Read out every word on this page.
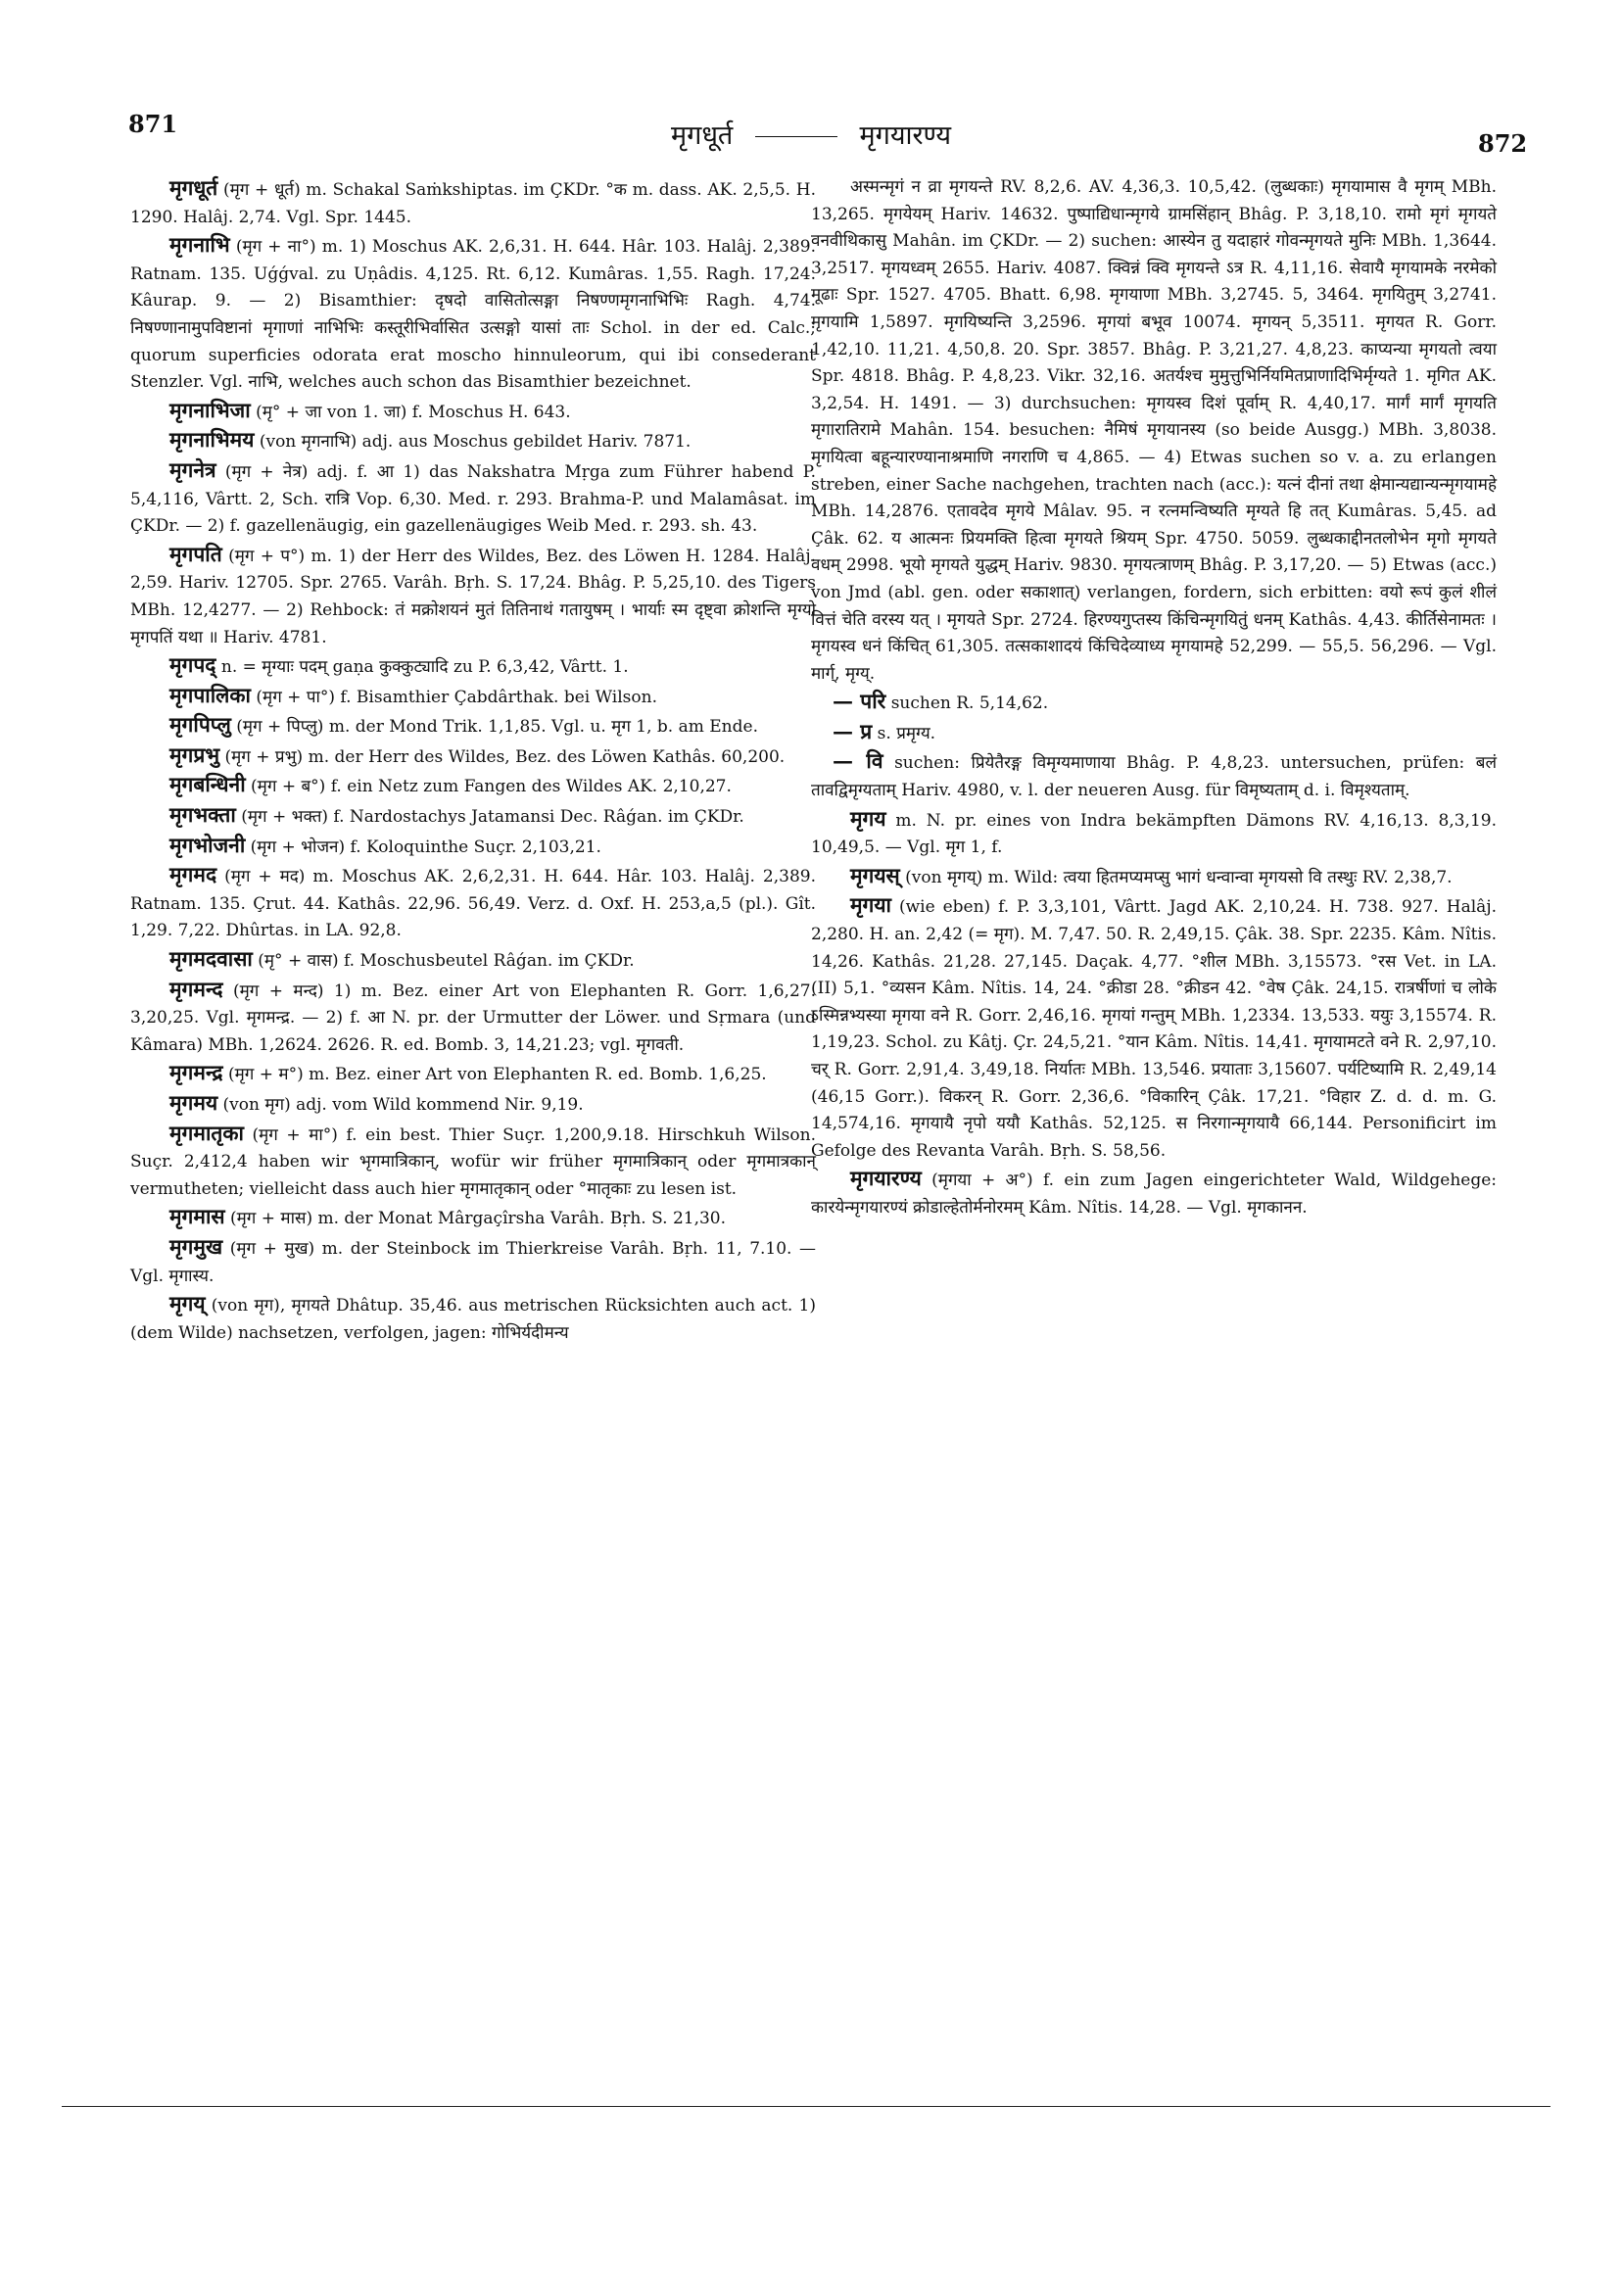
871	मृगधूर्त	मृगयारण्य	872

मृगधूर्त (मृग + धूर्त) m. Schakal Saṁkshiptas. im ÇKDr. °क m. dass. AK. 2,5,5. H. 1290. Halâj. 2,74. Vgl. Spr. 1445.

मृगनाभि (मृग + ना°) m. 1) Moschus AK. 2,6,31. H. 644. Hâr. 103. Halâj. 2,389. Ratnam. 135. Uǵǵval. zu Uṇâdis. 4,125. Rt. 6,12. Kumâras. 1,55. Ragh. 17,24. Kâurap. 9. — 2) Bisamthier: दृषदो वासितोत्सङ्गा निषण्णमृगनाभिभिः Ragh. 4,74. निषण्णानामुपविष्टानां मृगाणां नाभिभिः कस्तूरीभिर्वासित उत्सङ्गो यासां ताः Schol. in der ed. Calc.; quorum superficies odorata erat moscho hinnuleorum, qui ibi consederant Stenzler. Vgl. नाभि, welches auch schon das Bisamthier bezeichnet.

मृगनाभिजा (मृ° + जा von 1. जा) f. Moschus H. 643.

मृगनाभिमय (von मृगनाभि) adj. aus Moschus gebildet Hariv. 7871.

मृगनेत्र (मृग + नेत्र) adj. f. आ 1) das Nakshatra Mṛga zum Führer habend P. 5,4,116, Vârtt. 2, Sch. रात्रि Vop. 6,30. Med. r. 293. Brahma-P. und Malamâsat. im ÇKDr. — 2) f. gazellenäugig, ein gazellenäugiges Weib Med. r. 293. sh. 43.

मृगपति (मृग + प°) m. 1) der Herr des Wildes, Bez. des Löwen H. 1284. Halâj. 2,59. Hariv. 12705. Spr. 2765. Varâh. Bṛh. S. 17,24. Bhâg. P. 5,25,10. des Tigers MBh. 12,4277. — 2) Rehbock: तं मक्रोशयनं मुतं तितिनाथं गतायुषम् । भार्याः स्म दृष्ट्वा क्रोशन्ति मृग्यो मृगपतिं यथा ॥ Hariv. 4781.

मृगपद् n. = मृग्याः पदम् gaṇa कुक्कुट्यादि zu P. 6,3,42, Vârtt. 1.

मृगपालिका (मृग + पा°) f. Bisamthier Çabdârthak. bei Wilson.

मृगपिप्लु (मृग + पिप्लु) m. der Mond Trik. 1,1,85. Vgl. u. मृग 1, b. am Ende.

मृगप्रभु (मृग + प्रभु) m. der Herr des Wildes, Bez. des Löwen Kathâs. 60,200.

मृगबन्धिनी (मृग + ब°) f. ein Netz zum Fangen des Wildes AK. 2,10,27.

मृगभक्ता (मृग + भक्त) f. Nardostachys Jatamansi Dec. Râǵan. im ÇKDr.

मृगभोजनी (मृग + भोजन) f. Koloquinthe Suçr. 2,103,21.

मृगमद (मृग + मद) m. Moschus AK. 2,6,2,31. H. 644. Hâr. 103. Halâj. 2,389. Ratnam. 135. Çrut. 44. Kathâs. 22,96. 56,49. Verz. d. Oxf. H. 253,a,5 (pl.). Gît. 1,29. 7,22. Dhûrtas. in LA. 92,8.

मृगमदवासा (मृ° + वास) f. Moschusbeutel Râǵan. im ÇKDr.

मृगमन्द (मृग + मन्द) 1) m. Bez. einer Art von Elephanten R. Gorr. 1,6,27. 3,20,25. Vgl. मृगमन्द्र. — 2) f. आ N. pr. der Urmutter der Löwer. und Sṛmara (und Kâmara) MBh. 1,2624. 2626. R. ed. Bomb. 3, 14,21.23; vgl. मृगवती.

मृगमन्द्र (मृग + म°) m. Bez. einer Art von Elephanten R. ed. Bomb. 1,6,25.

मृगमय (von मृग) adj. vom Wild kommend Nir. 9,19.

मृगमातृका (मृग + मा°) f. ein best. Thier Suçr. 1,200,9.18. Hirschkuh Wilson. Suçr. 2,412,4 haben wir भृगमात्रिकान्, wofür wir früher मृगमात्रिकान् oder मृगमात्रकान् vermutheten; vielleicht dass auch hier मृगमातृकान् oder °मातृकाः zu lesen ist.

मृगमास (मृग + मास) m. der Monat Mârgaçîrsha Varâh. Bṛh. S. 21,30.

मृगमुख (मृग + मुख) m. der Steinbock im Thierkreise Varâh. Bṛh. 11, 7.10. — Vgl. मृगास्य.

मृगय् (von मृग), मृगयते Dhâtup. 35,46. aus metrischen Rücksichten auch act. 1) (dem Wilde) nachsetzen, verfolgen, jagen: गोभिर्यदीमन्य

अस्मन्मृगं न व्रा मृगयन्ते RV. 8,2,6. AV. 4,36,3. 10,5,42. (लुब्धकाः) मृगयामास वै मृगम् MBh. 13,265. मृगयेयम् Hariv. 14632. पुष्पाद्यिधान्मृगये ग्रामसिंहान् Bhâg. P. 3,18,10. रामो मृगं मृगयते वनवीथिकासु Mahân. im ÇKDr. — 2) suchen: आस्येन तु यदाहारं गोवन्मृगयते मुनिः MBh. 1,3644. 3,2517. मृगयध्वम् 2655. Hariv. 4087. क्विन्नं क्वि मृगयन्ते ऽत्र R. 4,11,16. सेवायै मृगयामके नरमेको मूढाः Spr. 1527. 4705. Bhatt. 6,98. मृगयाणा MBh. 3,2745. 5, 3464. मृगयितुम् 3,2741. मृगयामि 1,5897. मृगयिष्यन्ति 3,2596. मृगयां बभूव 10074. मृगयन् 5,3511. मृगयत R. Gorr. 1,42,10. 11,21. 4,50,8. 20. Spr. 3857. Bhâg. P. 3,21,27. 4,8,23. काप्यन्या मृगयतो त्वया Spr. 4818. Bhâg. P. 4,8,23. Vikr. 32,16. अतर्यश्च मुमुत्तुभिर्नियमितप्राणादिभिर्मृग्यते 1. मृगित AK. 3,2,54. H. 1491. — 3) durchsuchen: मृगयस्व दिशं पूर्वाम् R. 4,40,17. मार्गं मार्गं मृगयति मृगारातिरामे Mahân. 154. besuchen: नैमिषं मृगयानस्य (so beide Ausgg.) MBh. 3,8038. मृगयित्वा बहून्यारण्यानाश्रमाणि नगराणि च 4,865. — 4) Etwas suchen so v. a. zu erlangen streben, einer Sache nachgehen, trachten nach (acc.): यत्नं दीनां तथा क्षेमान्यद्यान्यन्मृगयामहे MBh. 14,2876. एतावदेव मृगये Mâlav. 95. न रत्नमन्विष्यति मृग्यते हि तत् Kumâras. 5,45. ad Çâk. 62. य आत्मनः प्रियमक्ति हित्वा मृगयते श्रियम् Spr. 4750. 5059. लुब्धकाद्दीनतलोभेन मृगो मृगयते वधम् 2998. भूयो मृगयते युद्धम् Hariv. 9830. मृगयत्त्राणम् Bhâg. P. 3,17,20. — 5) Etwas (acc.) von Jmd (abl. gen. oder सकाशात्) verlangen, fordern, sich erbitten: वयो रूपं कुलं शीलं वित्तं चेति वरस्य यत् । मृगयते Spr. 2724. हिरण्यगुप्तस्य किंचिन्मृगयितुं धनम् Kathâs. 4,43. कीर्तिसेनामतः । मृगयस्व धनं किंचित् 61,305. तत्सकाशादयं किंचिदेव्याध्य मृगयामहे 52,299. — 55,5. 56,296. — Vgl. मार्ग्, मृग्य्.

— परि suchen R. 5,14,62.

— प्र s. प्रमृग्य.

— वि suchen: प्रियेतैरङ्ग विमृग्यमाणाया Bhâg. P. 4,8,23. untersuchen, prüfen: बलं तावद्विमृग्यताम् Hariv. 4980, v. l. der neueren Ausg. für विमृष्यताम् d. i. विमृश्यताम्.

मृगय m. N. pr. eines von Indra bekämpften Dämons RV. 4,16,13. 8,3,19. 10,49,5. — Vgl. मृग 1, f.

मृगयस् (von मृगय्) m. Wild: त्वया हितमप्यमप्सु भागं धन्वान्वा मृगयसो वि तस्थुः RV. 2,38,7.

मृगया (wie eben) f. P. 3,3,101, Vârtt. Jagd AK. 2,10,24. H. 738. 927. Halâj. 2,280. H. an. 2,42 (= मृग). M. 7,47. 50. R. 2,49,15. Çâk. 38. Spr. 2235. Kâm. Nîtis. 14,26. Kathâs. 21,28. 27,145. Daçak. 4,77. °शील MBh. 3,15573. °रस Vet. in LA. (II) 5,1. °व्यसन Kâm. Nîtis. 14, 24. °क्रीडा 28. °क्रीडन 42. °वेष Çâk. 24,15. रात्रर्षीणां च लोके ऽस्मिन्नभ्यस्या मृगया वने R. Gorr. 2,46,16. मृगयां गन्तुम् MBh. 1,2334. 13,533. ययुः 3,15574. R. 1,19,23. Schol. zu Kâtj. Çr. 24,5,21. °यान Kâm. Nîtis. 14,41. मृगयामटते वने R. 2,97,10. चर् R. Gorr. 2,91,4. 3,49,18. निर्यातः MBh. 13,546. प्रयाताः 3,15607. पर्यटिष्यामि R. 2,49,14 (46,15 Gorr.). विकरन् R. Gorr. 2,36,6. °विकारिन् Çâk. 17,21. °विहार Z. d. d. m. G. 14,574,16. मृगयायै नृपो ययौ Kathâs. 52,125. स निरगान्मृगयायै 66,144. Personificirt im Gefolge des Revanta Varâh. Bṛh. S. 58,56.

मृगयारण्य (मृगया + अ°) f. ein zum Jagen eingerichteter Wald, Wildgehege: कारयेन्मृगयारण्यं क्रोडाल्हेतोर्मनोरमम् Kâm. Nîtis. 14,28. — Vgl. मृगकानन.
